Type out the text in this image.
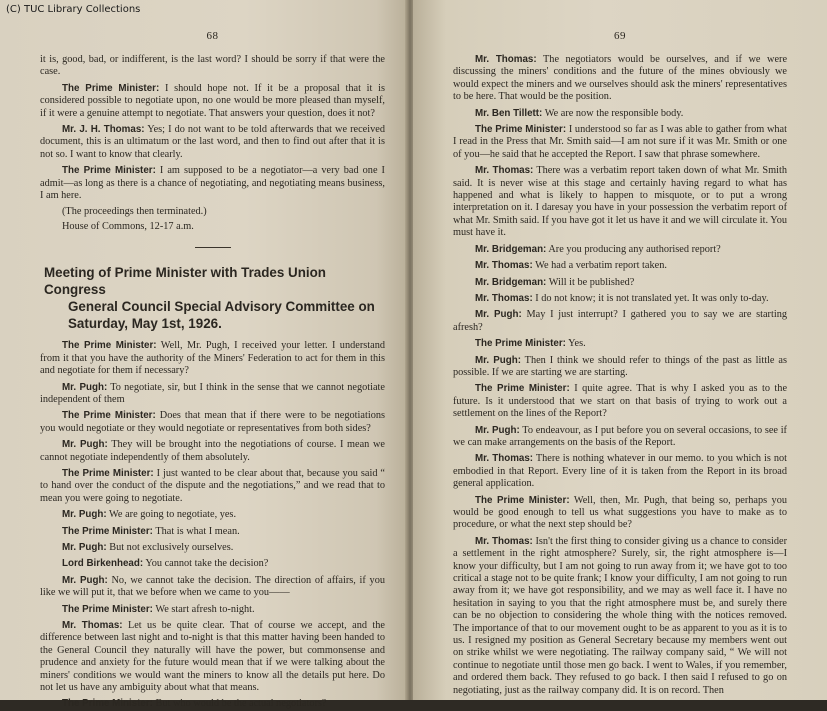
(C) TUC Library Collections
68

it is, good, bad, or indifferent, is the last word? I should be sorry if that were the case.

The Prime Minister: I should hope not. If it be a proposal that it is considered possible to negotiate upon, no one would be more pleased than myself, if it were a genuine attempt to negotiate. That answers your question, does it not?

Mr. J. H. Thomas: Yes; I do not want to be told afterwards that we received document, this is an ultimatum or the last word, and then to find out after that it is not so. I want to know that clearly.

The Prime Minister: I am supposed to be a negotiator—a very bad one I admit—as long as there is a chance of negotiating, and negotiating means business, I am here.

(The proceedings then terminated.)

House of Commons, 12-17 a.m.

Meeting of Prime Minister with Trades Union Congress
General Council Special Advisory Committee on
Saturday, May 1st, 1926.

The Prime Minister: Well, Mr. Pugh, I received your letter. I understand from it that you have the authority of the Miners' Federation to act for them in this and negotiate for them if necessary?

Mr. Pugh: To negotiate, sir, but I think in the sense that we cannot negotiate independent of them

The Prime Minister: Does that mean that if there were to be negotiations you would negotiate or they would negotiate or representatives from both sides?

Mr. Pugh: They will be brought into the negotiations of course. I mean we cannot negotiate independently of them absolutely.

The Prime Minister: I just wanted to be clear about that, because you said “ to hand over the conduct of the dispute and the negotiations,” and we read that to mean you were going to negotiate.

Mr. Pugh: We are going to negotiate, yes.

The Prime Minister: That is what I mean.

Mr. Pugh: But not exclusively ourselves.

Lord Birkenhead: You cannot take the decision?

Mr. Pugh: No, we cannot take the decision. The direction of affairs, if you like we will put it, that we before when we came to you——

The Prime Minister: We start afresh to-night.

Mr. Thomas: Let us be quite clear. That of course we accept, and the difference between last night and to-night is that this matter having been handed to the General Council they naturally will have the power, but commonsense and prudence and anxiety for the future would mean that if we were talking about the miners' conditions we would want the miners to know all the details put here. Do not let us have any ambiguity about what that means.

The Prime Minister: But who would be the actual negotiators?

69

Mr. Thomas: The negotiators would be ourselves, and if we were discussing the miners' conditions and the future of the mines obviously we would expect the miners and we ourselves should ask the miners' representatives to be here. That would be the position.

Mr. Ben Tillett: We are now the responsible body.

The Prime Minister: I understood so far as I was able to gather from what I read in the Press that Mr. Smith said—I am not sure if it was Mr. Smith or one of you—he said that he accepted the Report. I saw that phrase somewhere.

Mr. Thomas: There was a verbatim report taken down of what Mr. Smith said. It is never wise at this stage and certainly having regard to what has happened and what is likely to happen to misquote, or to put a wrong interpretation on it. I daresay you have in your possession the verbatim report of what Mr. Smith said. If you have got it let us have it and we will circulate it. You must have it.

Mr. Bridgeman: Are you producing any authorised report?

Mr. Thomas: We had a verbatim report taken.

Mr. Bridgeman: Will it be published?

Mr. Thomas: I do not know; it is not translated yet. It was only to-day.

Mr. Pugh: May I just interrupt? I gathered you to say we are starting afresh?

The Prime Minister: Yes.

Mr. Pugh: Then I think we should refer to things of the past as little as possible. If we are starting we are starting.

The Prime Minister: I quite agree. That is why I asked you as to the future. Is it understood that we start on that basis of trying to work out a settlement on the lines of the Report?

Mr. Pugh: To endeavour, as I put before you on several occasions, to see if we can make arrangements on the basis of the Report.

Mr. Thomas: There is nothing whatever in our memo. to you which is not embodied in that Report. Every line of it is taken from the Report in its broad general application.

The Prime Minister: Well, then, Mr. Pugh, that being so, perhaps you would be good enough to tell us what suggestions you have to make as to procedure, or what the next step should be?

Mr. Thomas: Isn't the first thing to consider giving us a chance to consider a settlement in the right atmosphere? Surely, sir, the right atmosphere is—I know your difficulty, but I am not going to run away from it; we have got to too critical a stage not to be quite frank; I know your difficulty, I am not going to run away from it; we have got responsibility, and we may as well face it. I have no hesitation in saying to you that the right atmosphere must be, and surely there can be no objection to considering the whole thing with the notices removed. The importance of that to our movement ought to be as apparent to you as it is to us. I resigned my position as General Secretary because my members went out on strike whilst we were negotiating. The railway company said, “ We will not continue to negotiate until those men go back. I went to Wales, if you remember, and ordered them back. They refused to go back. I then said I refused to go on negotiating, just as the railway company did. It is on record. Then
